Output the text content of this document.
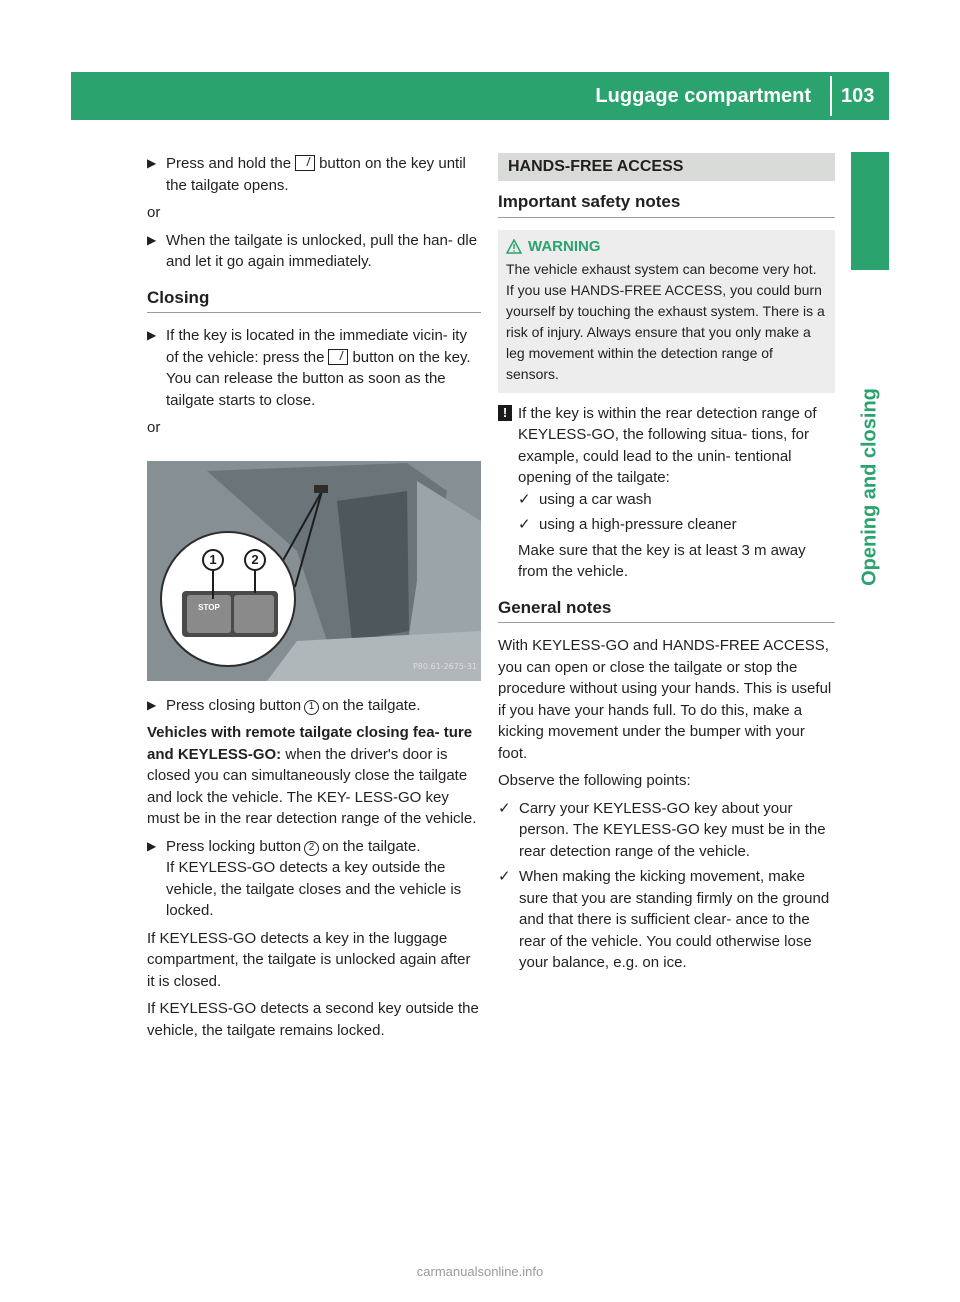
Luggage compartment	103
Opening and closing
▶ Press and hold the button on the key until the tailgate opens.
or
▶ When the tailgate is unlocked, pull the han- dle and let it go again immediately.
Closing
▶ If the key is located in the immediate vicin- ity of the vehicle: press the button on the key.
You can release the button as soon as the tailgate starts to close.
or
STOP
1	2
P80.61-2675-31
▶ Press closing button 1 on the tailgate.
Vehicles with remote tailgate closing fea- ture and KEYLESS-GO: when the driver's door is closed you can simultaneously close the tailgate and lock the vehicle. The KEY- LESS-GO key must be in the rear detection range of the vehicle.
▶ Press locking button 2 on the tailgate.
If KEYLESS-GO detects a key outside the vehicle, the tailgate closes and the vehicle is locked.
If KEYLESS-GO detects a key in the luggage compartment, the tailgate is unlocked again after it is closed.
If KEYLESS-GO detects a second key outside the vehicle, the tailgate remains locked.
HANDS-FREE ACCESS
Important safety notes
WARNING
The vehicle exhaust system can become very hot. If you use HANDS-FREE ACCESS, you could burn yourself by touching the exhaust system. There is a risk of injury. Always ensure that you only make a leg movement within the detection range of sensors.
! If the key is within the rear detection range of KEYLESS-GO, the following situa- tions, for example, could lead to the unin- tentional opening of the tailgate:
✓ using a car wash
✓ using a high-pressure cleaner
Make sure that the key is at least 3 m away from the vehicle.
General notes
With KEYLESS-GO and HANDS-FREE ACCESS, you can open or close the tailgate or stop the procedure without using your hands. This is useful if you have your hands full. To do this, make a kicking movement under the bumper with your foot.
Observe the following points:
✓ Carry your KEYLESS-GO key about your person. The KEYLESS-GO key must be in the rear detection range of the vehicle.
✓ When making the kicking movement, make sure that you are standing firmly on the ground and that there is sufficient clear- ance to the rear of the vehicle. You could otherwise lose your balance, e.g. on ice.
carmanualsonline.info
